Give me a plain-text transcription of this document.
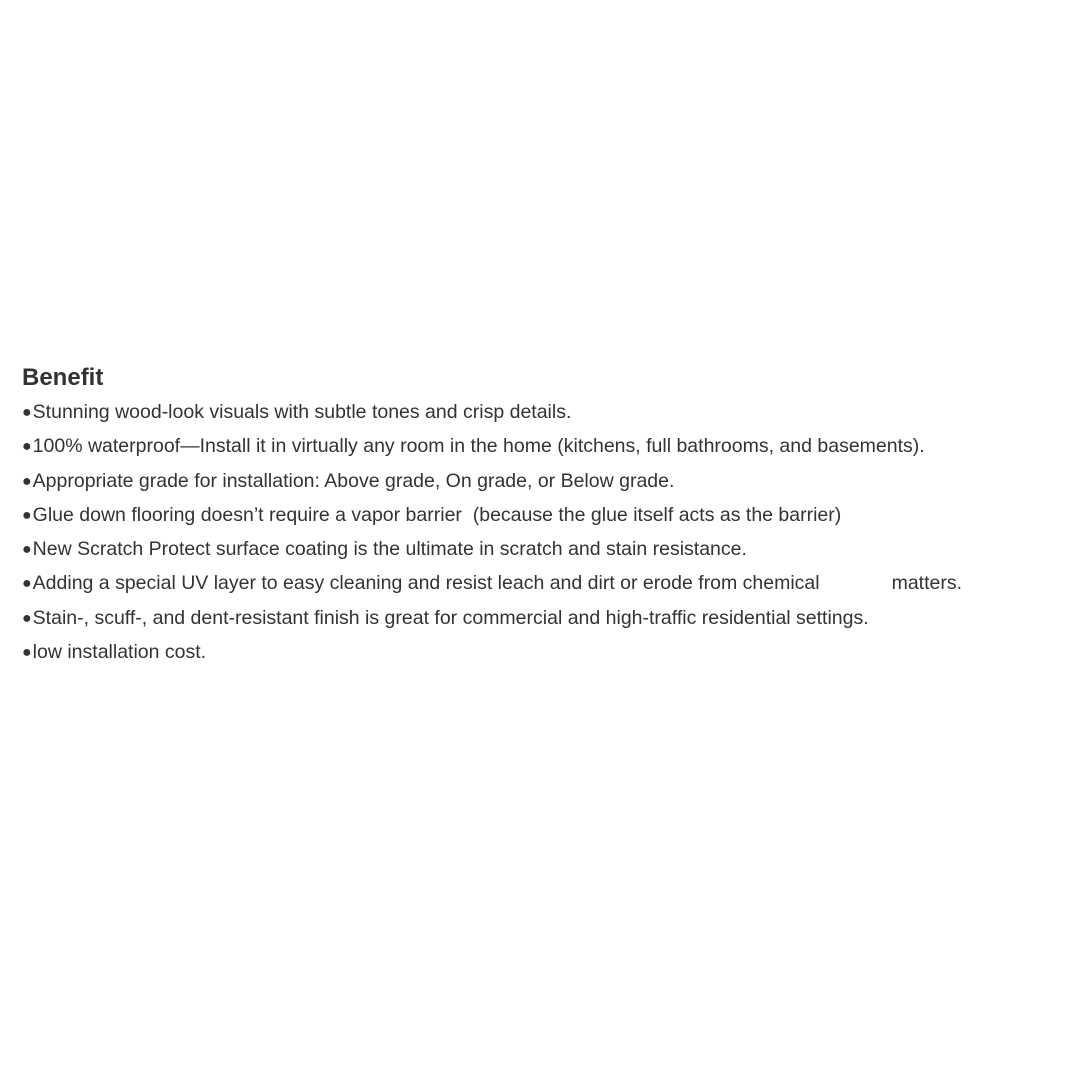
Benefit
●Stunning wood-look visuals with subtle tones and crisp details.
●100% waterproof—Install it in virtually any room in the home (kitchens, full bathrooms, and basements).
●Appropriate grade for installation: Above grade, On grade, or Below grade.
●Glue down flooring doesn’t require a vapor barrier  (because the glue itself acts as the barrier)
●New Scratch Protect surface coating is the ultimate in scratch and stain resistance.
●Adding a special UV layer to easy cleaning and resist leach and dirt or erode from chemical	matters.
●Stain-, scuff-, and dent-resistant finish is great for commercial and high-traffic residential settings.
●low installation cost.
